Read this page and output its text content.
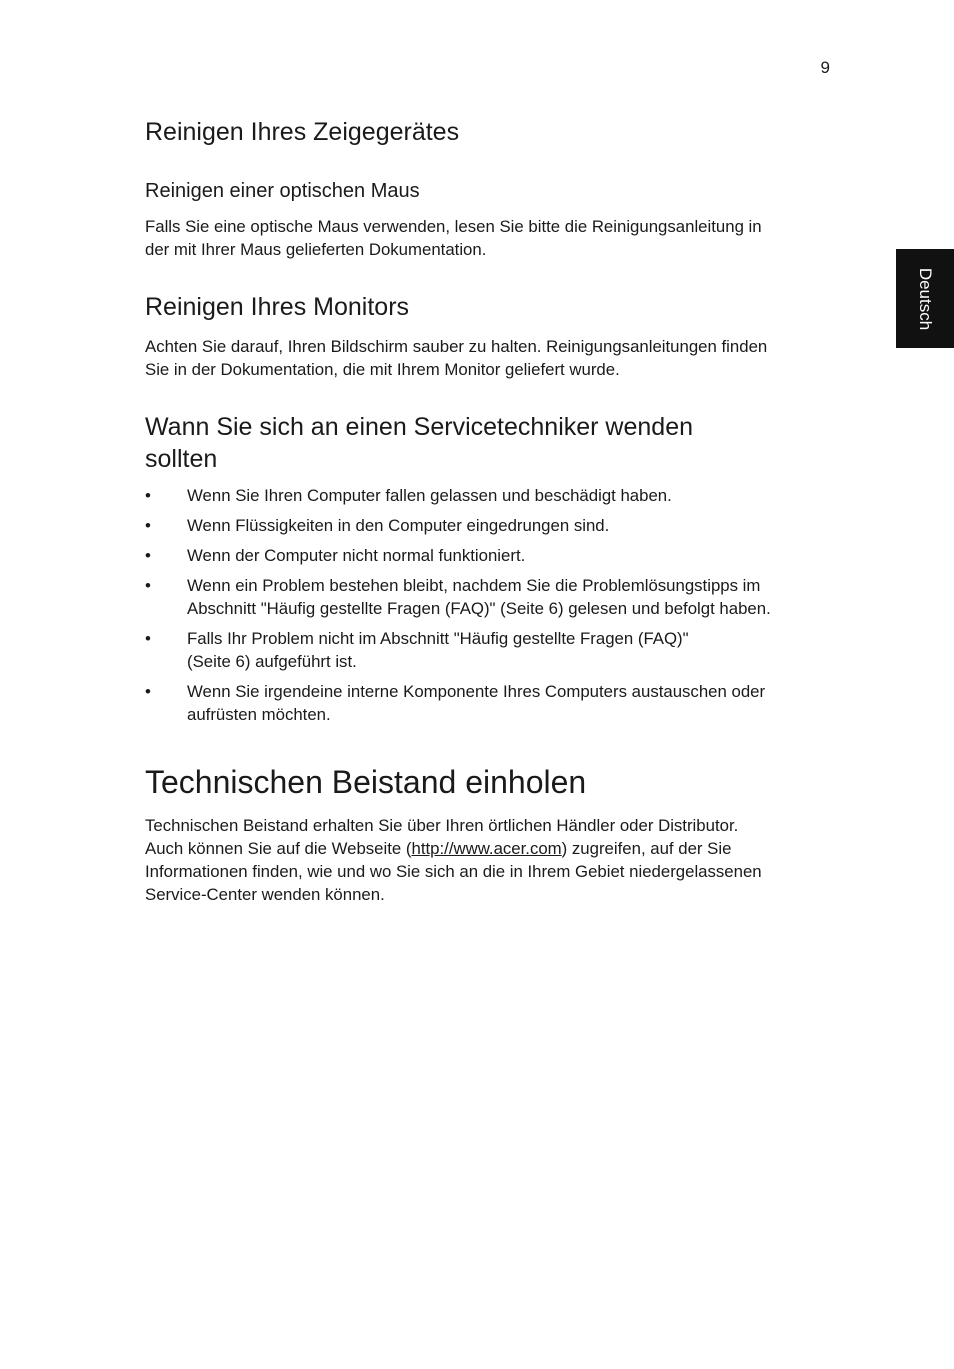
9
Deutsch
Reinigen Ihres Zeigegerätes
Reinigen einer optischen Maus

Falls Sie eine optische Maus verwenden, lesen Sie bitte die Reinigungsanleitung in
der mit Ihrer Maus gelieferten Dokumentation.

Reinigen Ihres Monitors

Achten Sie darauf, Ihren Bildschirm sauber zu halten. Reinigungsanleitungen finden
Sie in der Dokumentation, die mit Ihrem Monitor geliefert wurde.

Wann Sie sich an einen Servicetechniker wenden
sollten
• Wenn Sie Ihren Computer fallen gelassen und beschädigt haben.
• Wenn Flüssigkeiten in den Computer eingedrungen sind.
• Wenn der Computer nicht normal funktioniert.
• Wenn ein Problem bestehen bleibt, nachdem Sie die Problemlösungstipps im
Abschnitt "Häufig gestellte Fragen (FAQ)" (Seite 6) gelesen und befolgt haben.
• Falls Ihr Problem nicht im Abschnitt "Häufig gestellte Fragen (FAQ)"
(Seite 6) aufgeführt ist.
• Wenn Sie irgendeine interne Komponente Ihres Computers austauschen oder
aufrüsten möchten.
Technischen Beistand einholen

Technischen Beistand erhalten Sie über Ihren örtlichen Händler oder Distributor.
Auch können Sie auf die Webseite (http://www.acer.com) zugreifen, auf der Sie
Informationen finden, wie und wo Sie sich an die in Ihrem Gebiet niedergelassenen
Service-Center wenden können.
